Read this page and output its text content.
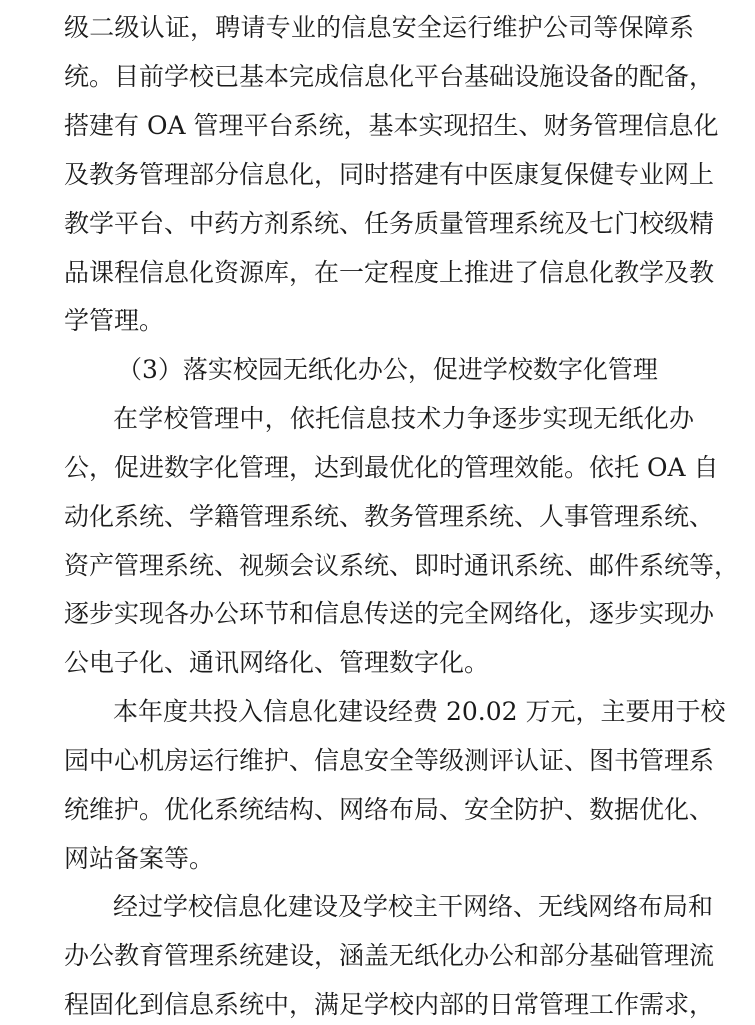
级二级认证，聘请专业的信息安全运行维护公司等保障系
统。目前学校已基本完成信息化平台基础设施设备的配备，
搭建有 OA 管理平台系统，基本实现招生、财务管理信息化
及教务管理部分信息化，同时搭建有中医康复保健专业网上
教学平台、中药方剂系统、任务质量管理系统及七门校级精
品课程信息化资源库，在一定程度上推进了信息化教学及教
学管理。
（3）落实校园无纸化办公，促进学校数字化管理
在学校管理中，依托信息技术力争逐步实现无纸化办
公，促进数字化管理，达到最优化的管理效能。依托 OA 自
动化系统、学籍管理系统、教务管理系统、人事管理系统、
资产管理系统、视频会议系统、即时通讯系统、邮件系统等，
逐步实现各办公环节和信息传送的完全网络化，逐步实现办
公电子化、通讯网络化、管理数字化。
本年度共投入信息化建设经费 20.02 万元，主要用于校
园中心机房运行维护、信息安全等级测评认证、图书管理系
统维护。优化系统结构、网络布局、安全防护、数据优化、
网站备案等。
经过学校信息化建设及学校主干网络、无线网络布局和
办公教育管理系统建设，涵盖无纸化办公和部分基础管理流
程固化到信息系统中，满足学校内部的日常管理工作需求，
